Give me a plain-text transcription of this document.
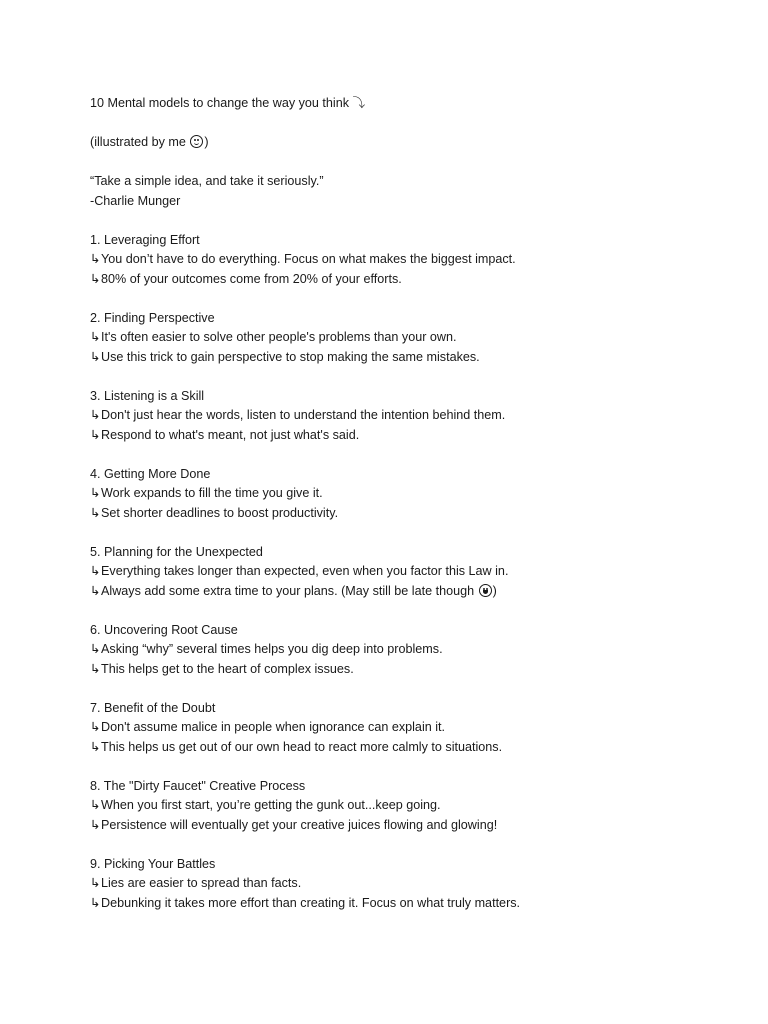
10 Mental models to change the way you think ⤵

(illustrated by me )

“Take a simple idea, and take it seriously.”

-Charlie Munger

1. Leveraging Effort

↳You don’t have to do everything. Focus on what makes the biggest impact.

↳80% of your outcomes come from 20% of your efforts.

2. Finding Perspective

↳It's often easier to solve other people's problems than your own.

↳Use this trick to gain perspective to stop making the same mistakes.

3. Listening is a Skill

↳Don't just hear the words, listen to understand the intention behind them.

↳Respond to what's meant, not just what's said.

4. Getting More Done

↳Work expands to fill the time you give it.

↳Set shorter deadlines to boost productivity.

5. Planning for the Unexpected

↳Everything takes longer than expected, even when you factor this Law in.

↳Always add some extra time to your plans. (May still be late though )

6. Uncovering Root Cause

↳Asking “why” several times helps you dig deep into problems.

↳This helps get to the heart of complex issues.

7. Benefit of the Doubt

↳Don't assume malice in people when ignorance can explain it.

↳This helps us get out of our own head to react more calmly to situations.

8. The "Dirty Faucet" Creative Process

↳When you first start, you’re getting the gunk out...keep going.

↳Persistence will eventually get your creative juices flowing and glowing!

9. Picking Your Battles

↳Lies are easier to spread than facts.

↳Debunking it takes more effort than creating it. Focus on what truly matters.
